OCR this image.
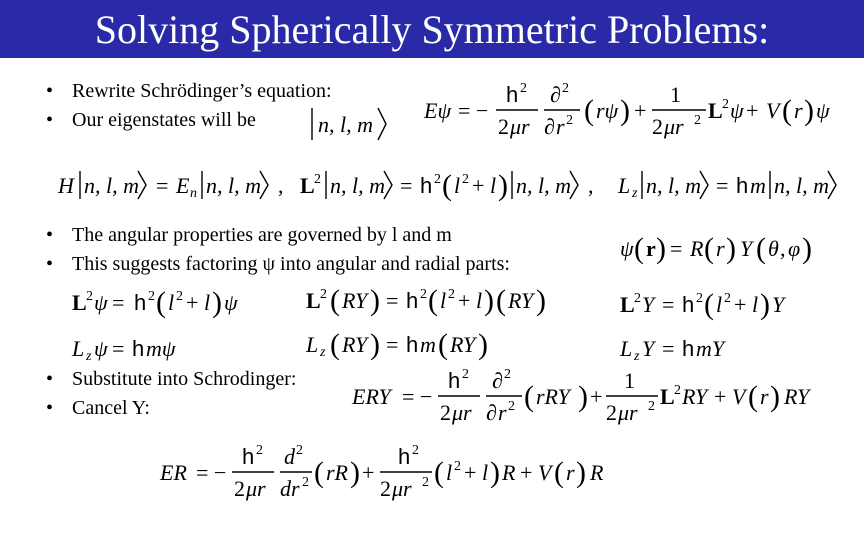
Solving Spherically Symmetric Problems:
• Rewrite Schrödinger’s equation:
• Our eigenstates will be
• The angular properties are governed by l and m
• This suggests factoring ψ into angular and radial parts:
• Substitute into Schrodinger:
• Cancel Y:
n, l, m
Eψ = −
h 2
2 μr
∂ 2
∂ r 2 ( rψ ) +
1
2 μr 2 L 2 ψ + V ( r ) ψ
H n, l, m = E n n, l, m , L 2 n, l, m = h 2 ( l 2 + l ) n, l, m , L z n, l, m = h m n, l, m
ψ ( r ) = R ( r ) Y ( θ , φ )
L 2 ψ = h 2 ( l 2 + l ) ψ	L 2 ( RY ) = h 2 ( l 2 + l ) ( RY )	L 2 Y = h 2 ( l 2 + l ) Y
L z ψ = h mψ	L z ( RY ) = h m ( RY )	L z Y = h mY
ERY = −
h 2
2 μr
∂ 2
∂ r 2 ( rRY ) +
1
2 μr 2 L 2 RY + V ( r ) RY
ER = −
h 2
2 μr
d 2
dr 2 ( rR ) +
h 2
2 μr 2 ( l 2 + l ) R + V ( r ) R
